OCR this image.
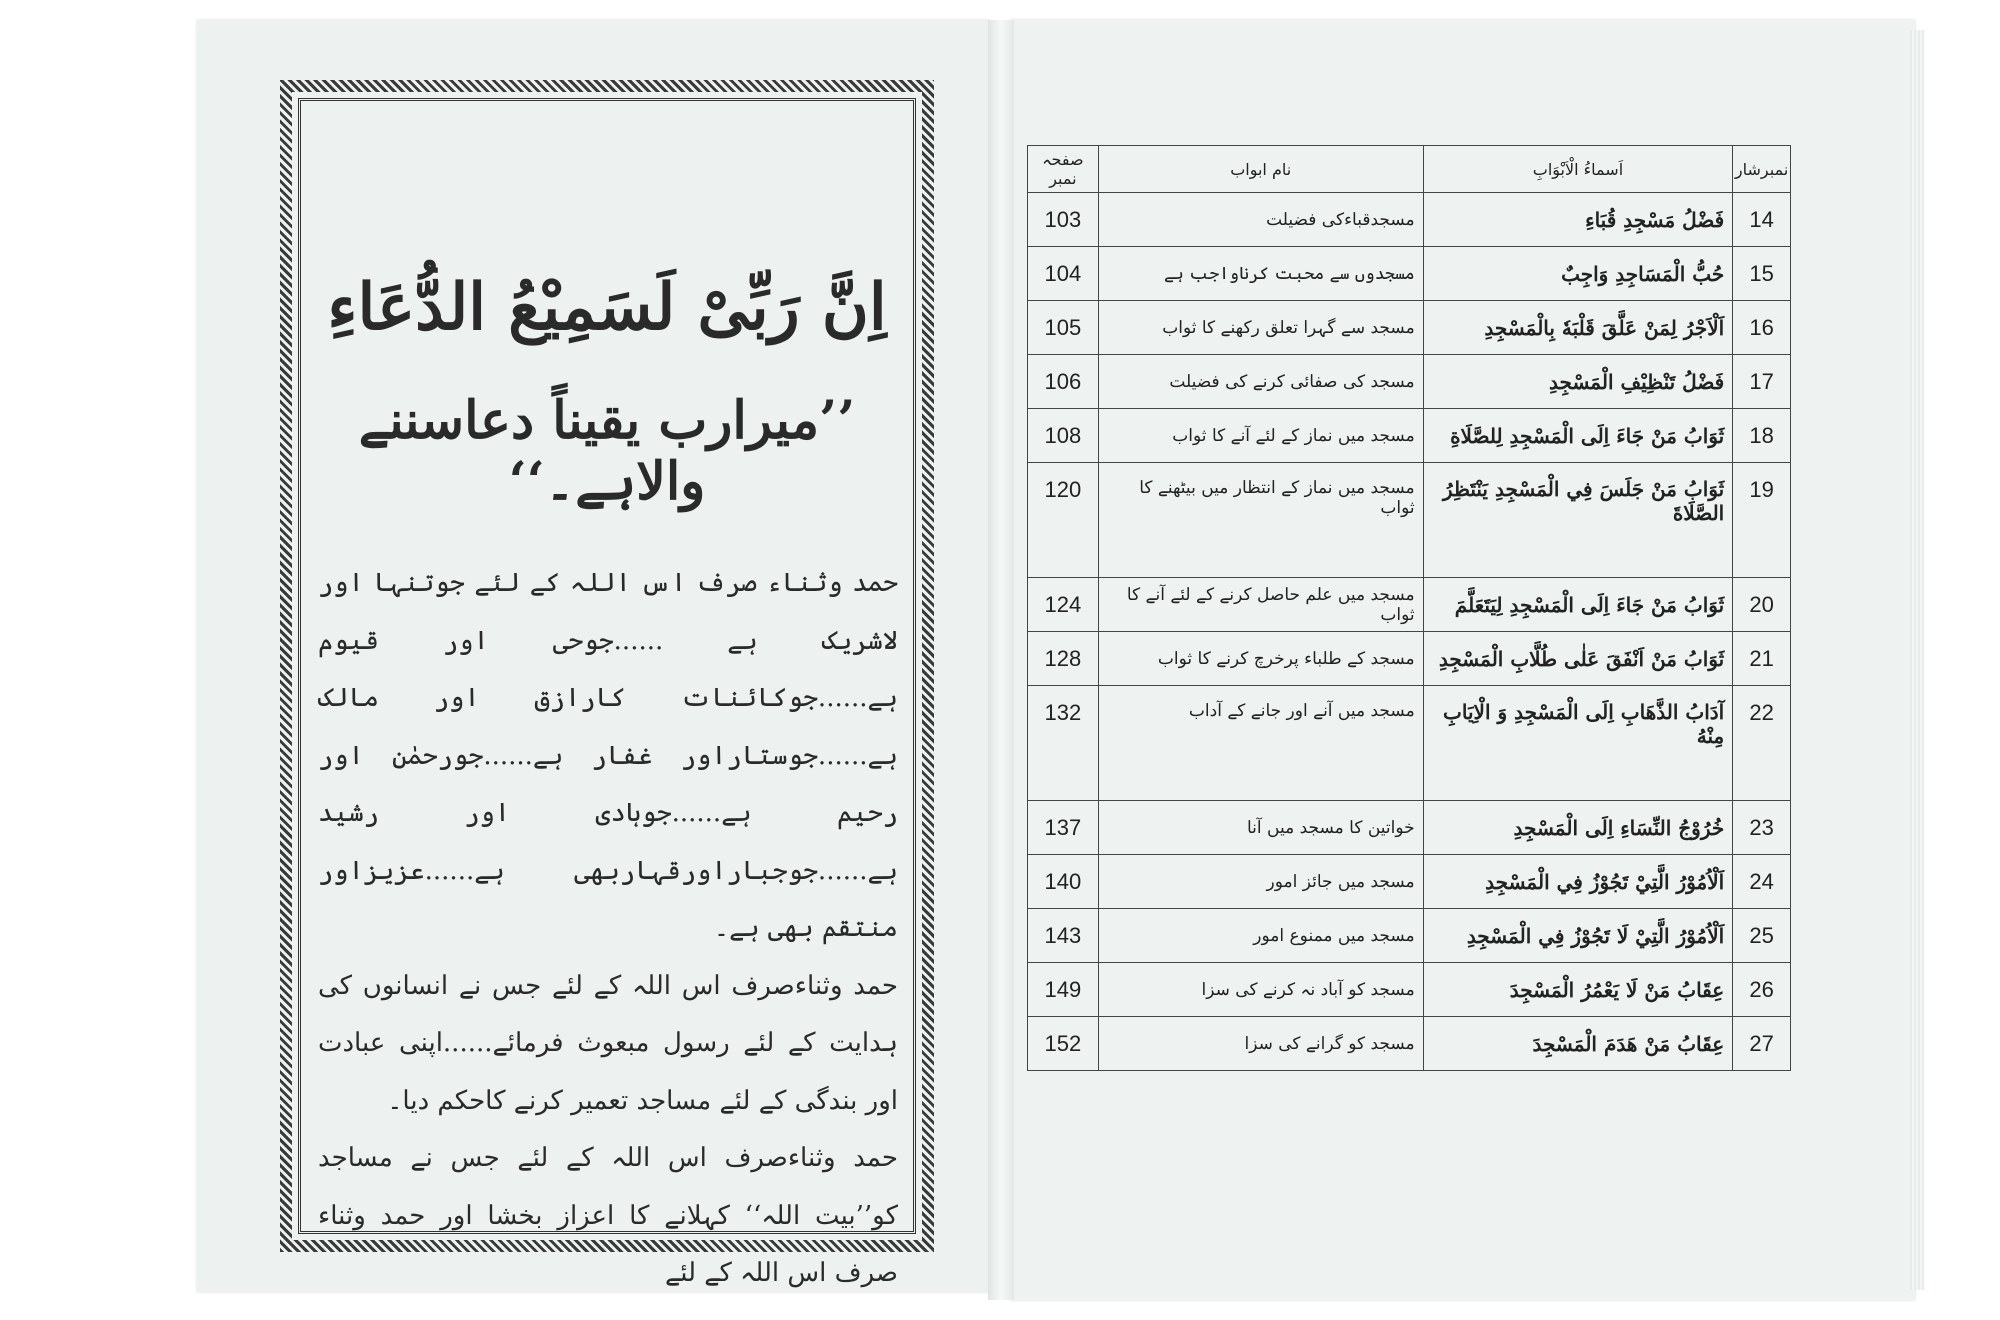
اِنَّ رَبِّیْ لَسَمِیْعُ الدُّعَاءِ
’’میرارب یقیناً دعاسننے والاہے۔‘‘

حمد وثناء صرف اس اللہ کے لئے جوتنہا اور لاشریک ہے ......جوحی اور قیوم ہے......جوکائنات کارازق اور مالک ہے......جوستاراور غفار ہے......جورحمٰن اور رحیم ہے......جوہادی اور رشید ہے......جوجباراورقہاربھی ہے......عزیزاور منتقم بھی ہے۔

حمد وثناءصرف اس اللہ کے لئے جس نے انسانوں کی ہدایت کے لئے رسول مبعوث فرمائے......اپنی عبادت اور بندگی کے لئے مساجد تعمیر کرنے کاحکم دیا۔

حمد وثناءصرف اس اللہ کے لئے جس نے مساجد کو’’بیت اللہ‘‘ کہلانے کا اعزاز بخشا اور حمد وثناء صرف اس اللہ کے لئے

نمبرشار	اَسماءُ الْاَبْوَابِ	نام ابواب	صفحہ نمبر
14	فَضْلُ مَسْجِدِ قُبَاءِ	مسجدقباءکی فضیلت	103
15	حُبُّ الْمَسَاجِدِ وَاجِبٌ	مسجدوں سے محبت کرناواجب ہے	104
16	اَلْاَجْرُ لِمَنْ عَلَّقَ قَلْبَهٗ بِالْمَسْجِدِ	مسجد سے گہرا تعلق رکھنے کا ثواب	105
17	فَضْلُ تَنْظِيْفِ الْمَسْجِدِ	مسجد کی صفائی کرنے کی فضیلت	106
18	ثَوَابُ مَنْ جَاءَ اِلَى الْمَسْجِدِ لِلصَّلَاةِ	مسجد میں نماز کے لئے آنے کا ثواب	108
19	ثَوَابُ مَنْ جَلَسَ فِي الْمَسْجِدِ يَنْتَظِرُ الصَّلَاةَ	مسجد میں نماز کے انتظار میں بیٹھنے کا ثواب	120
20	ثَوَابُ مَنْ جَاءَ اِلَى الْمَسْجِدِ لِيَتَعَلَّمَ	مسجد میں علم حاصل کرنے کے لئے آنے کا ثواب	124
21	ثَوَابُ مَنْ اَنْفَقَ عَلٰى طُلَّابِ الْمَسْجِدِ	مسجد کے طلباء پرخرچ کرنے کا ثواب	128
22	آدَابُ الذَّهَابِ اِلَى الْمَسْجِدِ وَ الْاِيَابِ مِنْهُ	مسجد میں آنے اور جانے کے آداب	132
23	خُرُوْجُ النِّسَاءِ اِلَى الْمَسْجِدِ	خواتین کا مسجد میں آنا	137
24	اَلْاُمُوْرُ الَّتِيْ تَجُوْزُ فِي الْمَسْجِدِ	مسجد میں جائز امور	140
25	اَلْاُمُوْرُ الَّتِيْ لَا تَجُوْزُ فِي الْمَسْجِدِ	مسجد میں ممنوع امور	143
26	عِقَابُ مَنْ لَا يَعْمُرُ الْمَسْجِدَ	مسجد کو آباد نہ کرنے کی سزا	149
27	عِقَابُ مَنْ هَدَمَ الْمَسْجِدَ	مسجد کو گرانے کی سزا	152
